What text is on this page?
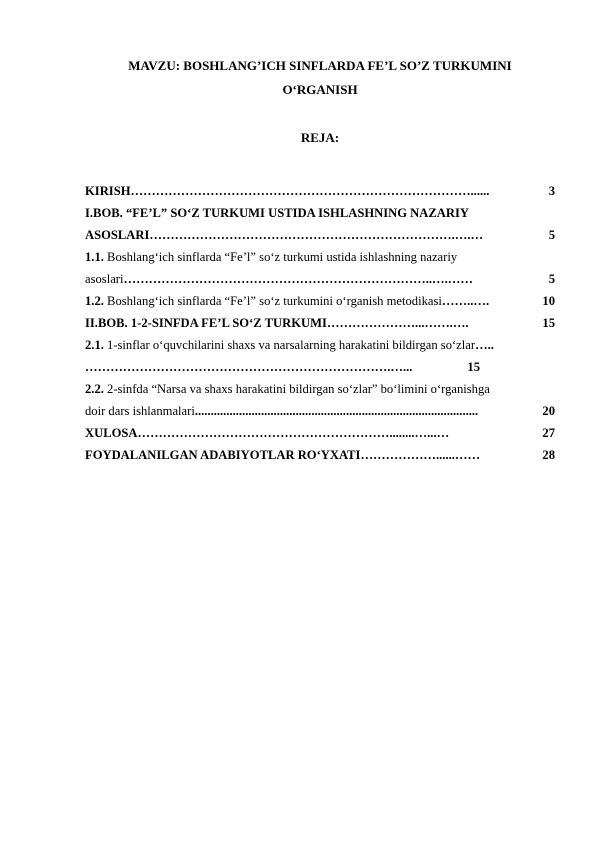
MAVZU: BOSHLANG’ICH SINFLARDA FE’L SO’Z TURKUMINI
O‘RGANISH
REJA:
KIRISH………………………………………………………………………......	3
I.BOB. “FE’L” SO‘Z TURKUMI USTIDA ISHLASHNING NAZARIY
ASOSLARI……………………………………………………………….….…	5
1.1. Boshlang‘ich sinflarda “Fe’l” so‘z turkumi ustida ishlashning nazariy
asoslari………………………………………………………………..….……	5
1.2. Boshlang‘ich sinflarda “Fe’l” so‘z turkumini o‘rganish metodikasi……..….	10
II.BOB. 1-2-SINFDA FE’L SO‘Z TURKUMI…………………...…….….	15
2.1. 1-sinflar o‘quvchilarini shaxs va narsalarning harakatini bildirgan so‘zlar…..
……………………………………………………………….…...	15
2.2. 2-sinfda “Narsa va shaxs harakatini bildirgan so‘zlar” bo‘limini o‘rganishga
doir dars ishlanmalari..........................................................................................	20
XULOSA……………………………………………………........…...…	27
FOYDALANILGAN ADABIYOTLAR RO‘YXATI………………......……	28
